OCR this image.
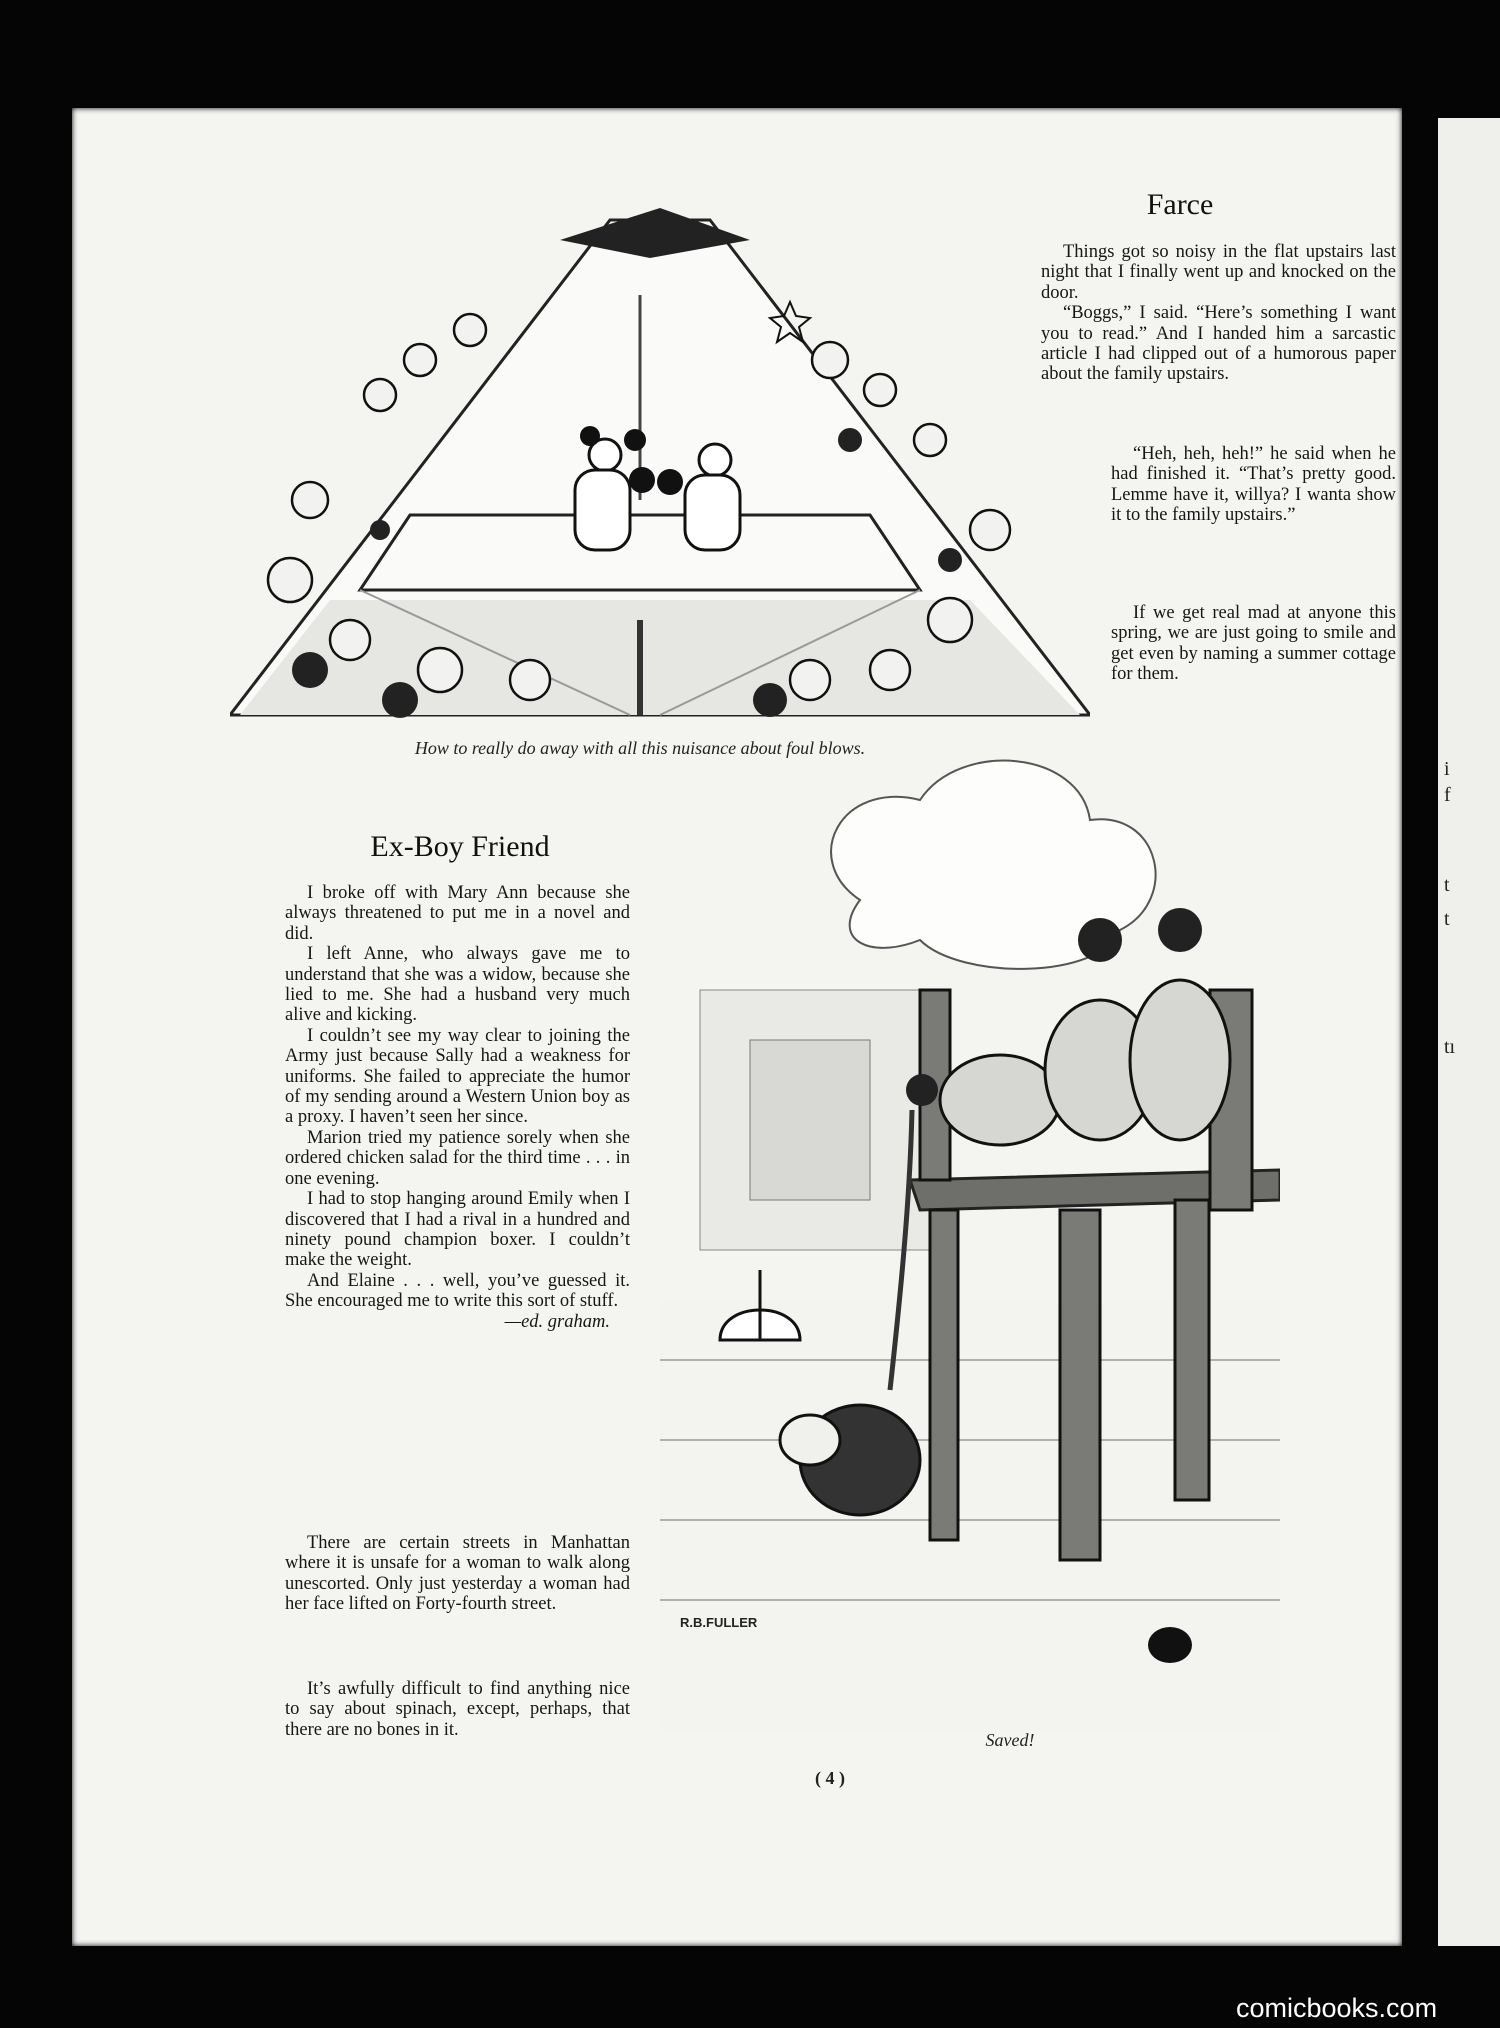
i
f
t
t
tı
How to really do away with all this nuisance about foul blows.
Farce

Things got so noisy in the flat upstairs last night that I finally went up and knocked on the door.

“Boggs,” I said. “Here’s something I want you to read.” And I handed him a sarcastic article I had clipped out of a humorous paper about the family upstairs.

“Heh, heh, heh!” he said when he had finished it. “That’s pretty good. Lemme have it, willya? I wanta show it to the family upstairs.”

If we get real mad at anyone this spring, we are just going to smile and get even by naming a summer cottage for them.

Ex-Boy Friend

I broke off with Mary Ann because she always threatened to put me in a novel and did.

I left Anne, who always gave me to understand that she was a widow, because she lied to me. She had a husband very much alive and kicking.

I couldn’t see my way clear to joining the Army just because Sally had a weakness for uniforms. She failed to appreciate the humor of my sending around a Western Union boy as a proxy. I haven’t seen her since.

Marion tried my patience sorely when she ordered chicken salad for the third time . . . in one evening.

I had to stop hanging around Emily when I discovered that I had a rival in a hundred and ninety pound champion boxer. I couldn’t make the weight.

And Elaine . . . well, you’ve guessed it. She encouraged me to write this sort of stuff.

—ed. graham.

There are certain streets in Manhattan where it is unsafe for a woman to walk along unescorted. Only just yesterday a woman had her face lifted on Forty-fourth street.

It’s awfully difficult to find anything nice to say about spinach, except, perhaps, that there are no bones in it.

R.B.FULLER
Saved!
( 4 )
comicbooks.com
